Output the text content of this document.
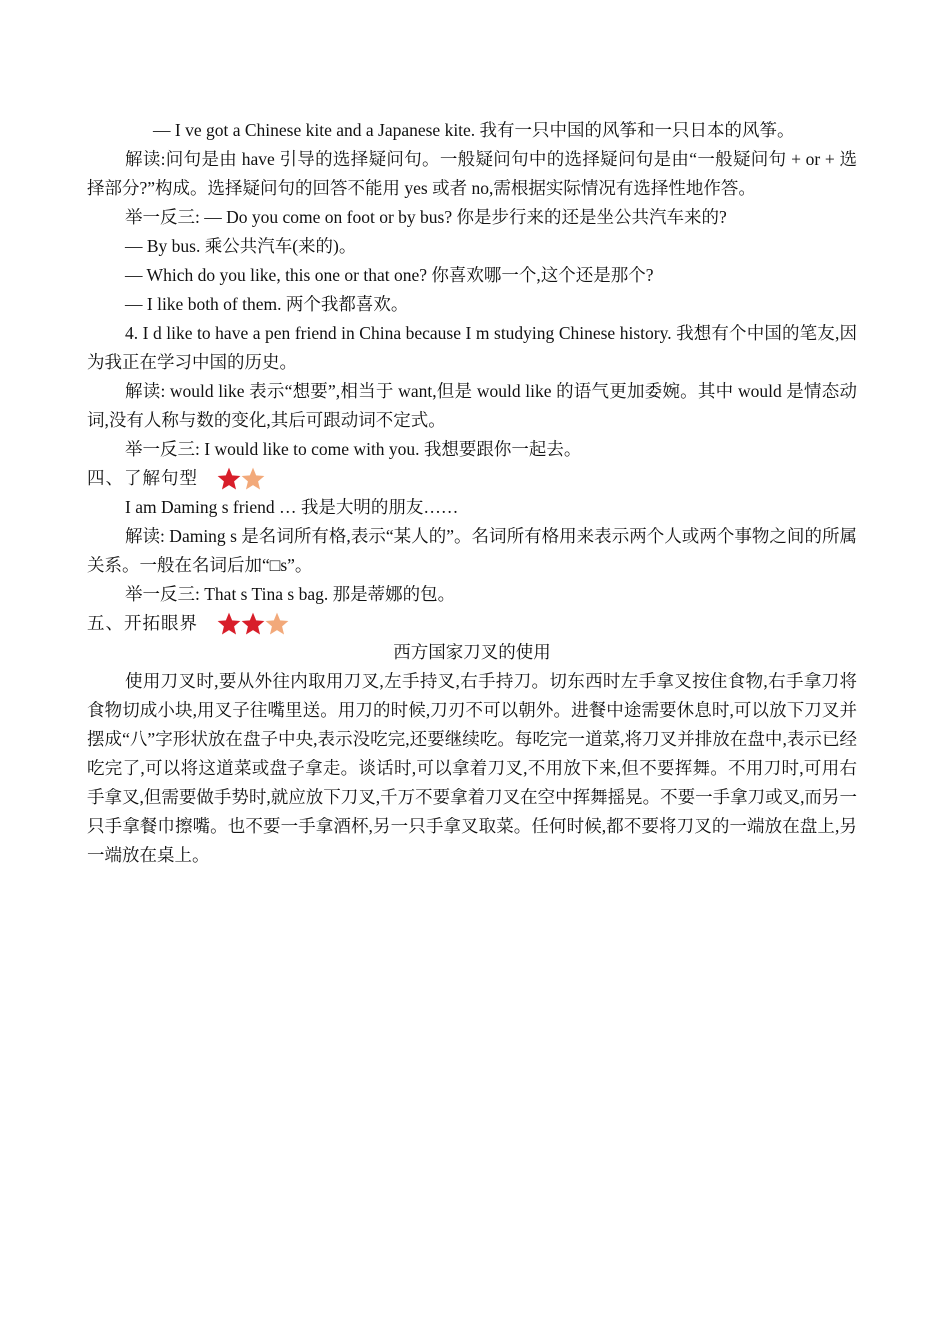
— I ve got a Chinese kite and a Japanese kite. 我有一只中国的风筝和一只日本的风筝。

解读:问句是由 have 引导的选择疑问句。一般疑问句中的选择疑问句是由“一般疑问句 + or + 选择部分?”构成。选择疑问句的回答不能用 yes 或者 no,需根据实际情况有选择性地作答。

举一反三: — Do you come on foot or by bus? 你是步行来的还是坐公共汽车来的?

— By bus. 乘公共汽车(来的)。

— Which do you like, this one or that one? 你喜欢哪一个,这个还是那个?

— I like both of them. 两个我都喜欢。

4. I d like to have a pen friend in China because I m studying Chinese history. 我想有个中国的笔友,因为我正在学习中国的历史。

解读: would like 表示“想要”,相当于 want,但是 would like 的语气更加委婉。其中 would 是情态动词,没有人称与数的变化,其后可跟动词不定式。

举一反三: I would like to come with you. 我想要跟你一起去。

四、了解句型

I am Daming s friend … 我是大明的朋友……

解读: Daming s 是名词所有格,表示“某人的”。名词所有格用来表示两个人或两个事物之间的所属关系。一般在名词后加“□s”。

举一反三: That s Tina s bag. 那是蒂娜的包。

五、开拓眼界

西方国家刀叉的使用

使用刀叉时,要从外往内取用刀叉,左手持叉,右手持刀。切东西时左手拿叉按住食物,右手拿刀将食物切成小块,用叉子往嘴里送。用刀的时候,刀刃不可以朝外。进餐中途需要休息时,可以放下刀叉并摆成“八”字形状放在盘子中央,表示没吃完,还要继续吃。每吃完一道菜,将刀叉并排放在盘中,表示已经吃完了,可以将这道菜或盘子拿走。谈话时,可以拿着刀叉,不用放下来,但不要挥舞。不用刀时,可用右手拿叉,但需要做手势时,就应放下刀叉,千万不要拿着刀叉在空中挥舞摇晃。不要一手拿刀或叉,而另一只手拿餐巾擦嘴。也不要一手拿酒杯,另一只手拿叉取菜。任何时候,都不要将刀叉的一端放在盘上,另一端放在桌上。
